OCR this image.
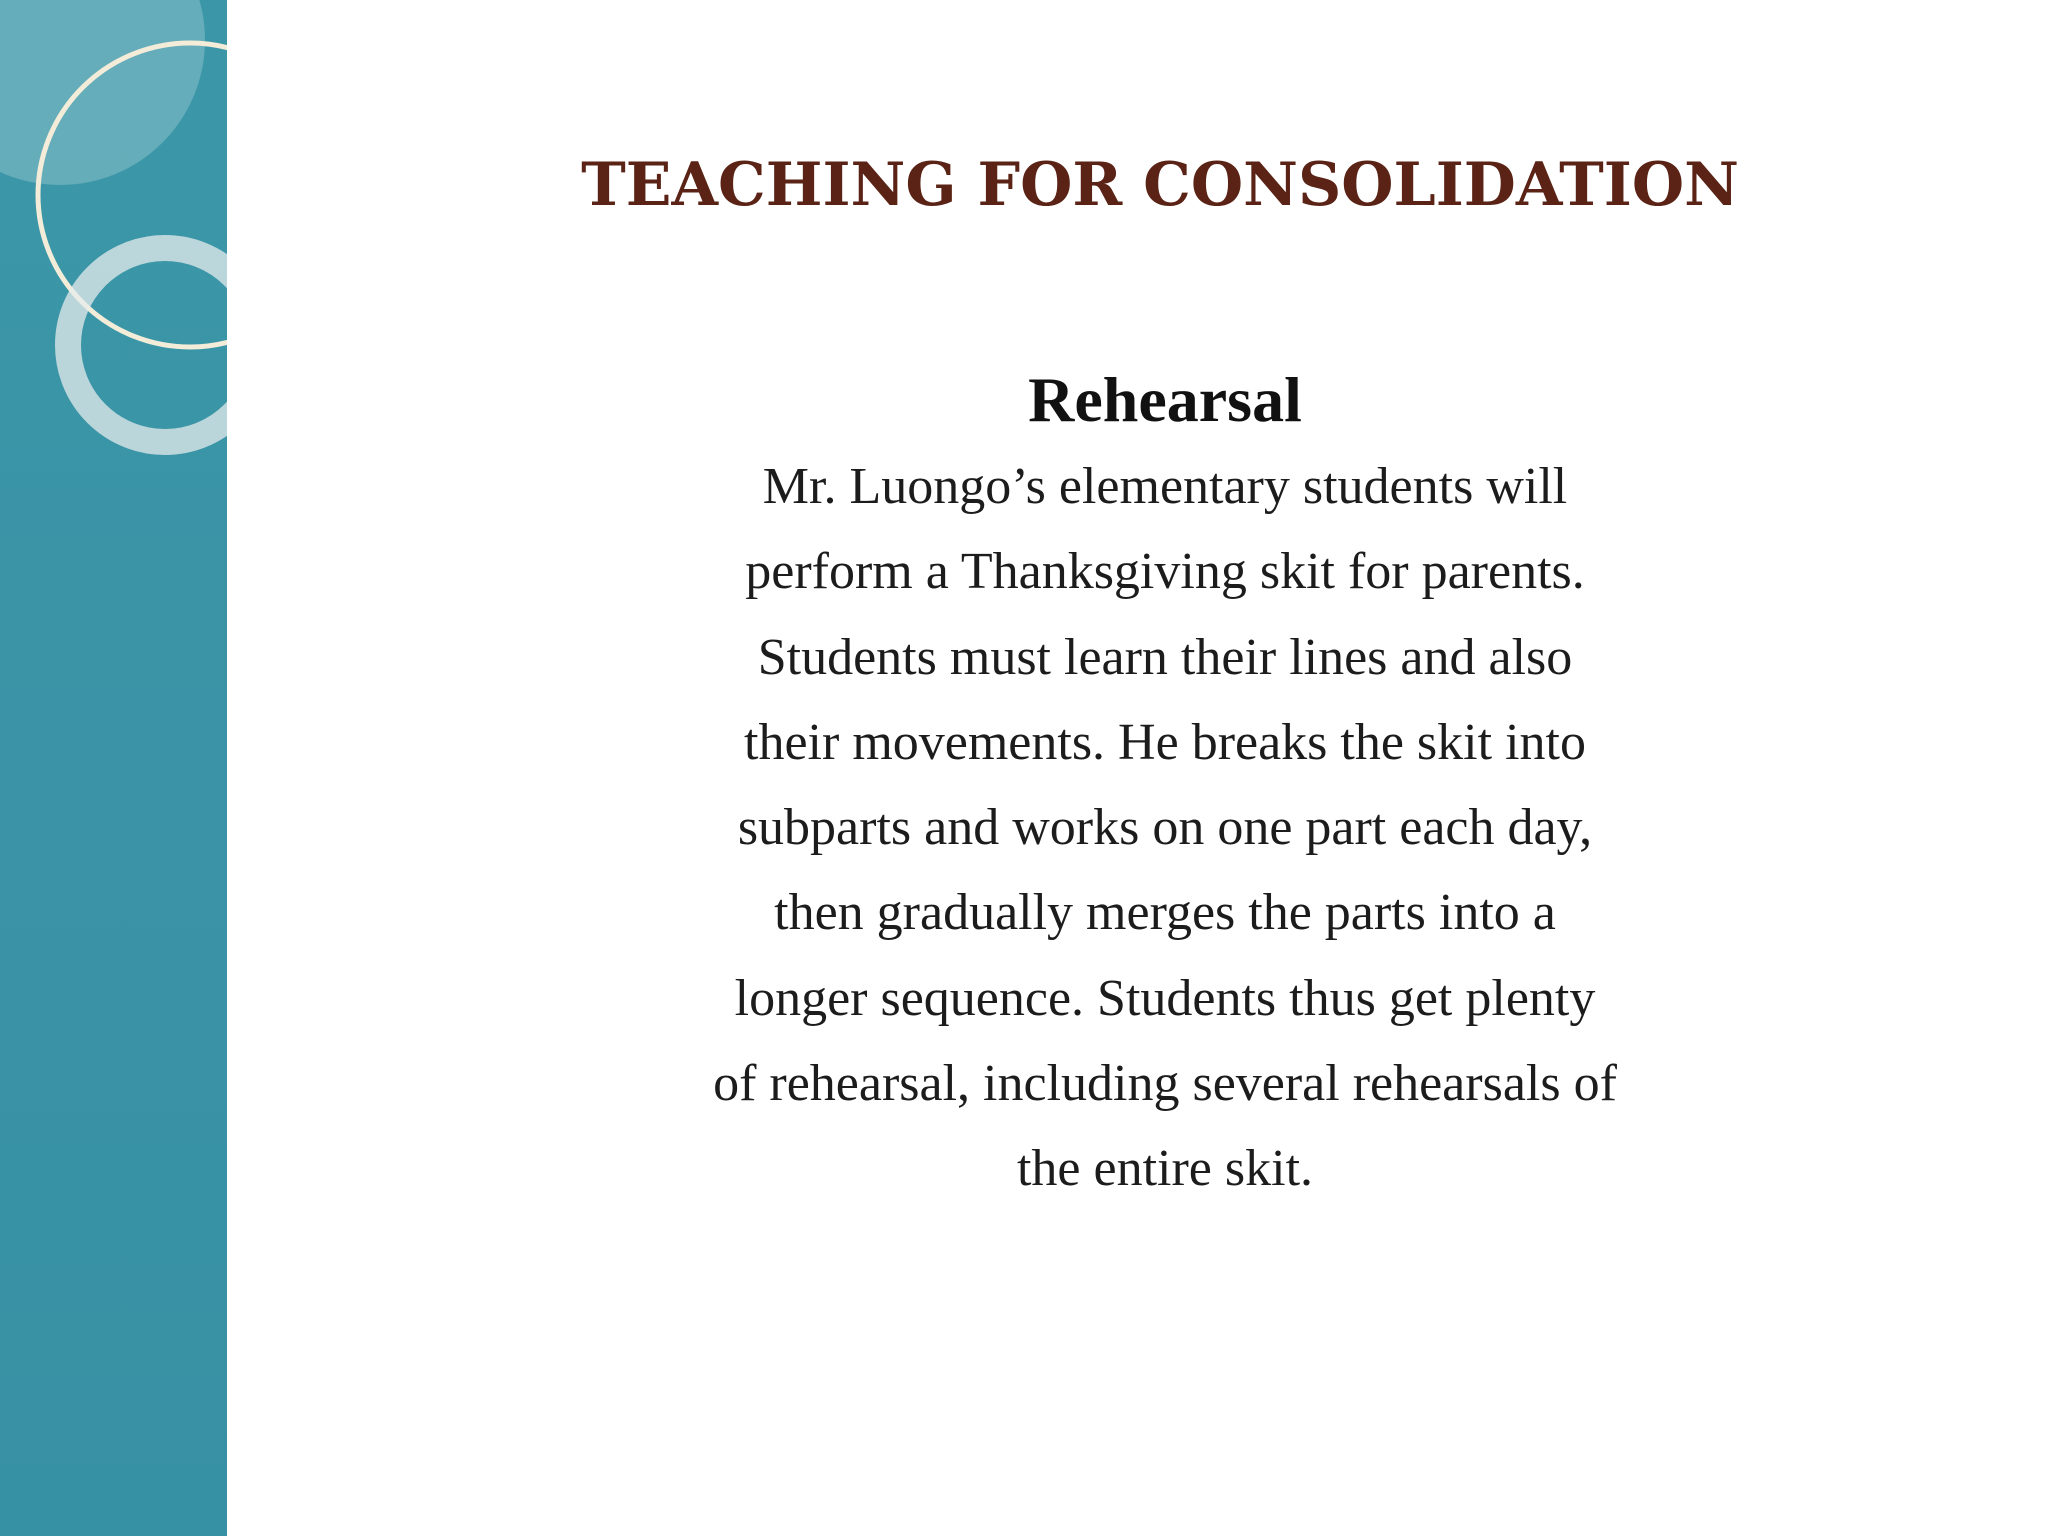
TEACHING FOR CONSOLIDATION
Rehearsal
Mr. Luongo’s elementary students will
perform a Thanksgiving skit for parents.
Students must learn their lines and also
their movements. He breaks the skit into
subparts and works on one part each day,
then gradually merges the parts into a
longer sequence. Students thus get plenty
of rehearsal, including several rehearsals of
the entire skit.
